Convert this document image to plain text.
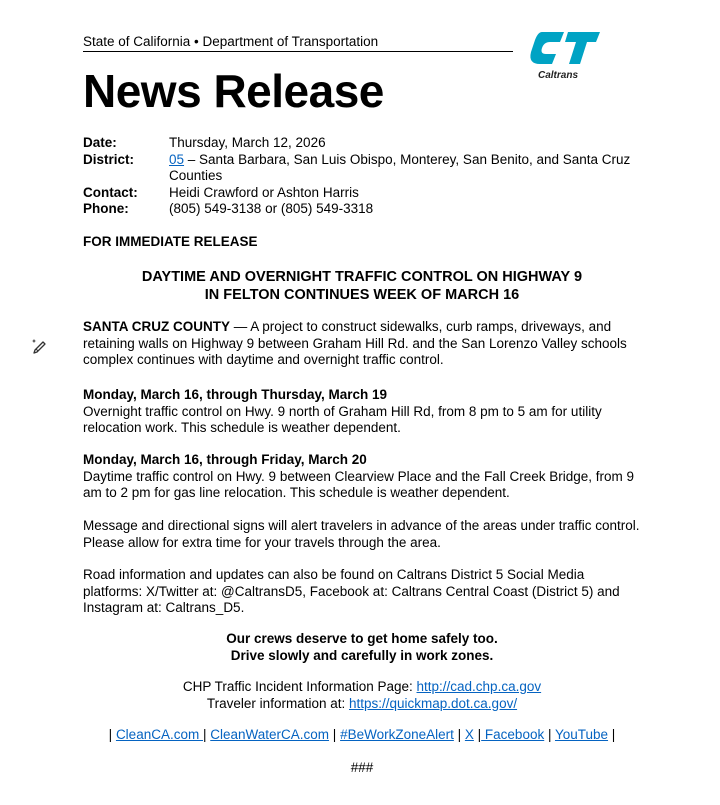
State of California • Department of Transportation
Caltrans
News Release
Date:	Thursday, March 12, 2026
District:	05 – Santa Barbara, San Luis Obispo, Monterey, San Benito, and Santa Cruz Counties
Contact:	Heidi Crawford or Ashton Harris
Phone:	(805) 549-3138 or (805) 549-3318
FOR IMMEDIATE RELEASE
DAYTIME AND OVERNIGHT TRAFFIC CONTROL ON HIGHWAY 9
IN FELTON CONTINUES WEEK OF MARCH 16
SANTA CRUZ COUNTY — A project to construct sidewalks, curb ramps, driveways, and retaining walls on Highway 9 between Graham Hill Rd. and the San Lorenzo Valley schools complex continues with daytime and overnight traffic control.
Monday, March 16, through Thursday, March 19
Overnight traffic control on Hwy. 9 north of Graham Hill Rd, from 8 pm to 5 am for utility relocation work. This schedule is weather dependent.
Monday, March 16, through Friday, March 20
Daytime traffic control on Hwy. 9 between Clearview Place and the Fall Creek Bridge, from 9 am to 2 pm for gas line relocation. This schedule is weather dependent.
Message and directional signs will alert travelers in advance of the areas under traffic control. Please allow for extra time for your travels through the area.
Road information and updates can also be found on Caltrans District 5 Social Media platforms: X/Twitter at: @CaltransD5, Facebook at: Caltrans Central Coast (District 5) and Instagram at: Caltrans_D5.
Our crews deserve to get home safely too.
Drive slowly and carefully in work zones.
CHP Traffic Incident Information Page: http://cad.chp.ca.gov
Traveler information at: https://quickmap.dot.ca.gov/
| CleanCA.com | CleanWaterCA.com | #BeWorkZoneAlert | X | Facebook | YouTube |
###
